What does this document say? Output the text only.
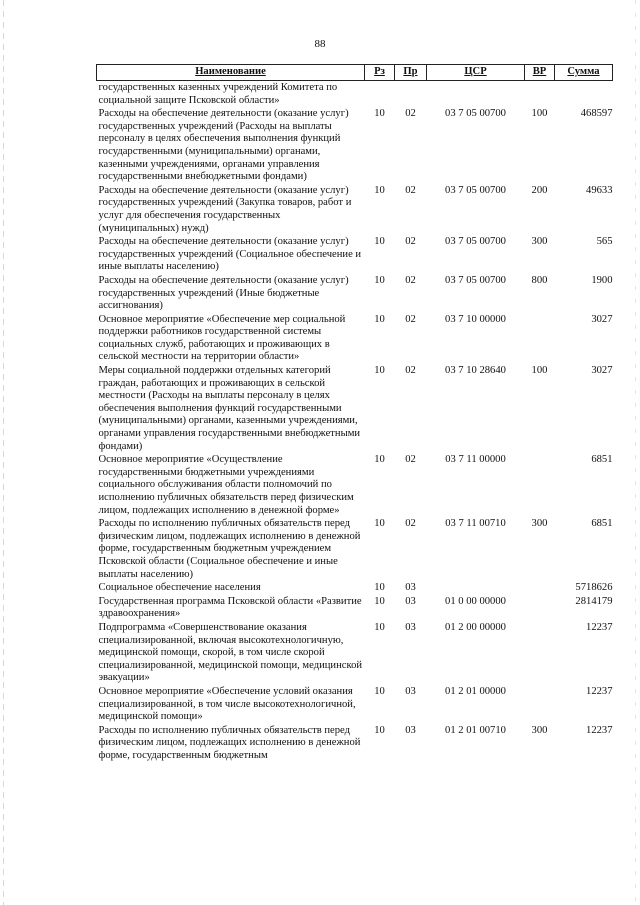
88
Наименование	Рз	Пр	ЦСР	ВР	Сумма
государственных казенных учреждений Комитета по социальной защите Псковской области»					
Расходы на обеспечение деятельности (оказание услуг) государственных учреждений (Расходы на выплаты персоналу в целях обеспечения выполнения функций государственными (муниципальными) органами, казенными учреждениями, органами управления государственными внебюджетными фондами)	10	02	03 7 05 00700	100	468597
Расходы на обеспечение деятельности (оказание услуг) государственных учреждений (Закупка товаров, работ и услуг для обеспечения государственных (муниципальных) нужд)	10	02	03 7 05 00700	200	49633
Расходы на обеспечение деятельности (оказание услуг) государственных учреждений (Социальное обеспечение и иные выплаты населению)	10	02	03 7 05 00700	300	565
Расходы на обеспечение деятельности (оказание услуг) государственных учреждений (Иные бюджетные ассигнования)	10	02	03 7 05 00700	800	1900
Основное мероприятие «Обеспечение мер социальной поддержки работников государственной системы социальных служб, работающих и проживающих в сельской местности на территории области»	10	02	03 7 10 00000		3027
Меры социальной поддержки отдельных категорий граждан, работающих и проживающих в сельской местности (Расходы на выплаты персоналу в целях обеспечения выполнения функций государственными (муниципальными) органами, казенными учреждениями, органами управления государственными внебюджетными фондами)	10	02	03 7 10 28640	100	3027
Основное мероприятие «Осуществление государственными бюджетными учреждениями социального обслуживания области полномочий по исполнению публичных обязательств перед физическим лицом, подлежащих исполнению в денежной форме»	10	02	03 7 11 00000		6851
Расходы по исполнению публичных обязательств перед физическим лицом, подлежащих исполнению в денежной форме, государственным бюджетным учреждением Псковской области (Социальное обеспечение и иные выплаты населению)	10	02	03 7 11 00710	300	6851
Социальное обеспечение населения	10	03			5718626
Государственная программа Псковской области «Развитие здравоохранения»	10	03	01 0 00 00000		2814179
Подпрограмма «Совершенствование оказания специализированной, включая высокотехнологичную, медицинской помощи, скорой, в том числе скорой специализированной, медицинской помощи, медицинской эвакуации»	10	03	01 2 00 00000		12237
Основное мероприятие «Обеспечение условий оказания специализированной, в том числе высокотехнологичной, медицинской помощи»	10	03	01 2 01 00000		12237
Расходы по исполнению публичных обязательств перед физическим лицом, подлежащих исполнению в денежной форме, государственным бюджетным	10	03	01 2 01 00710	300	12237
